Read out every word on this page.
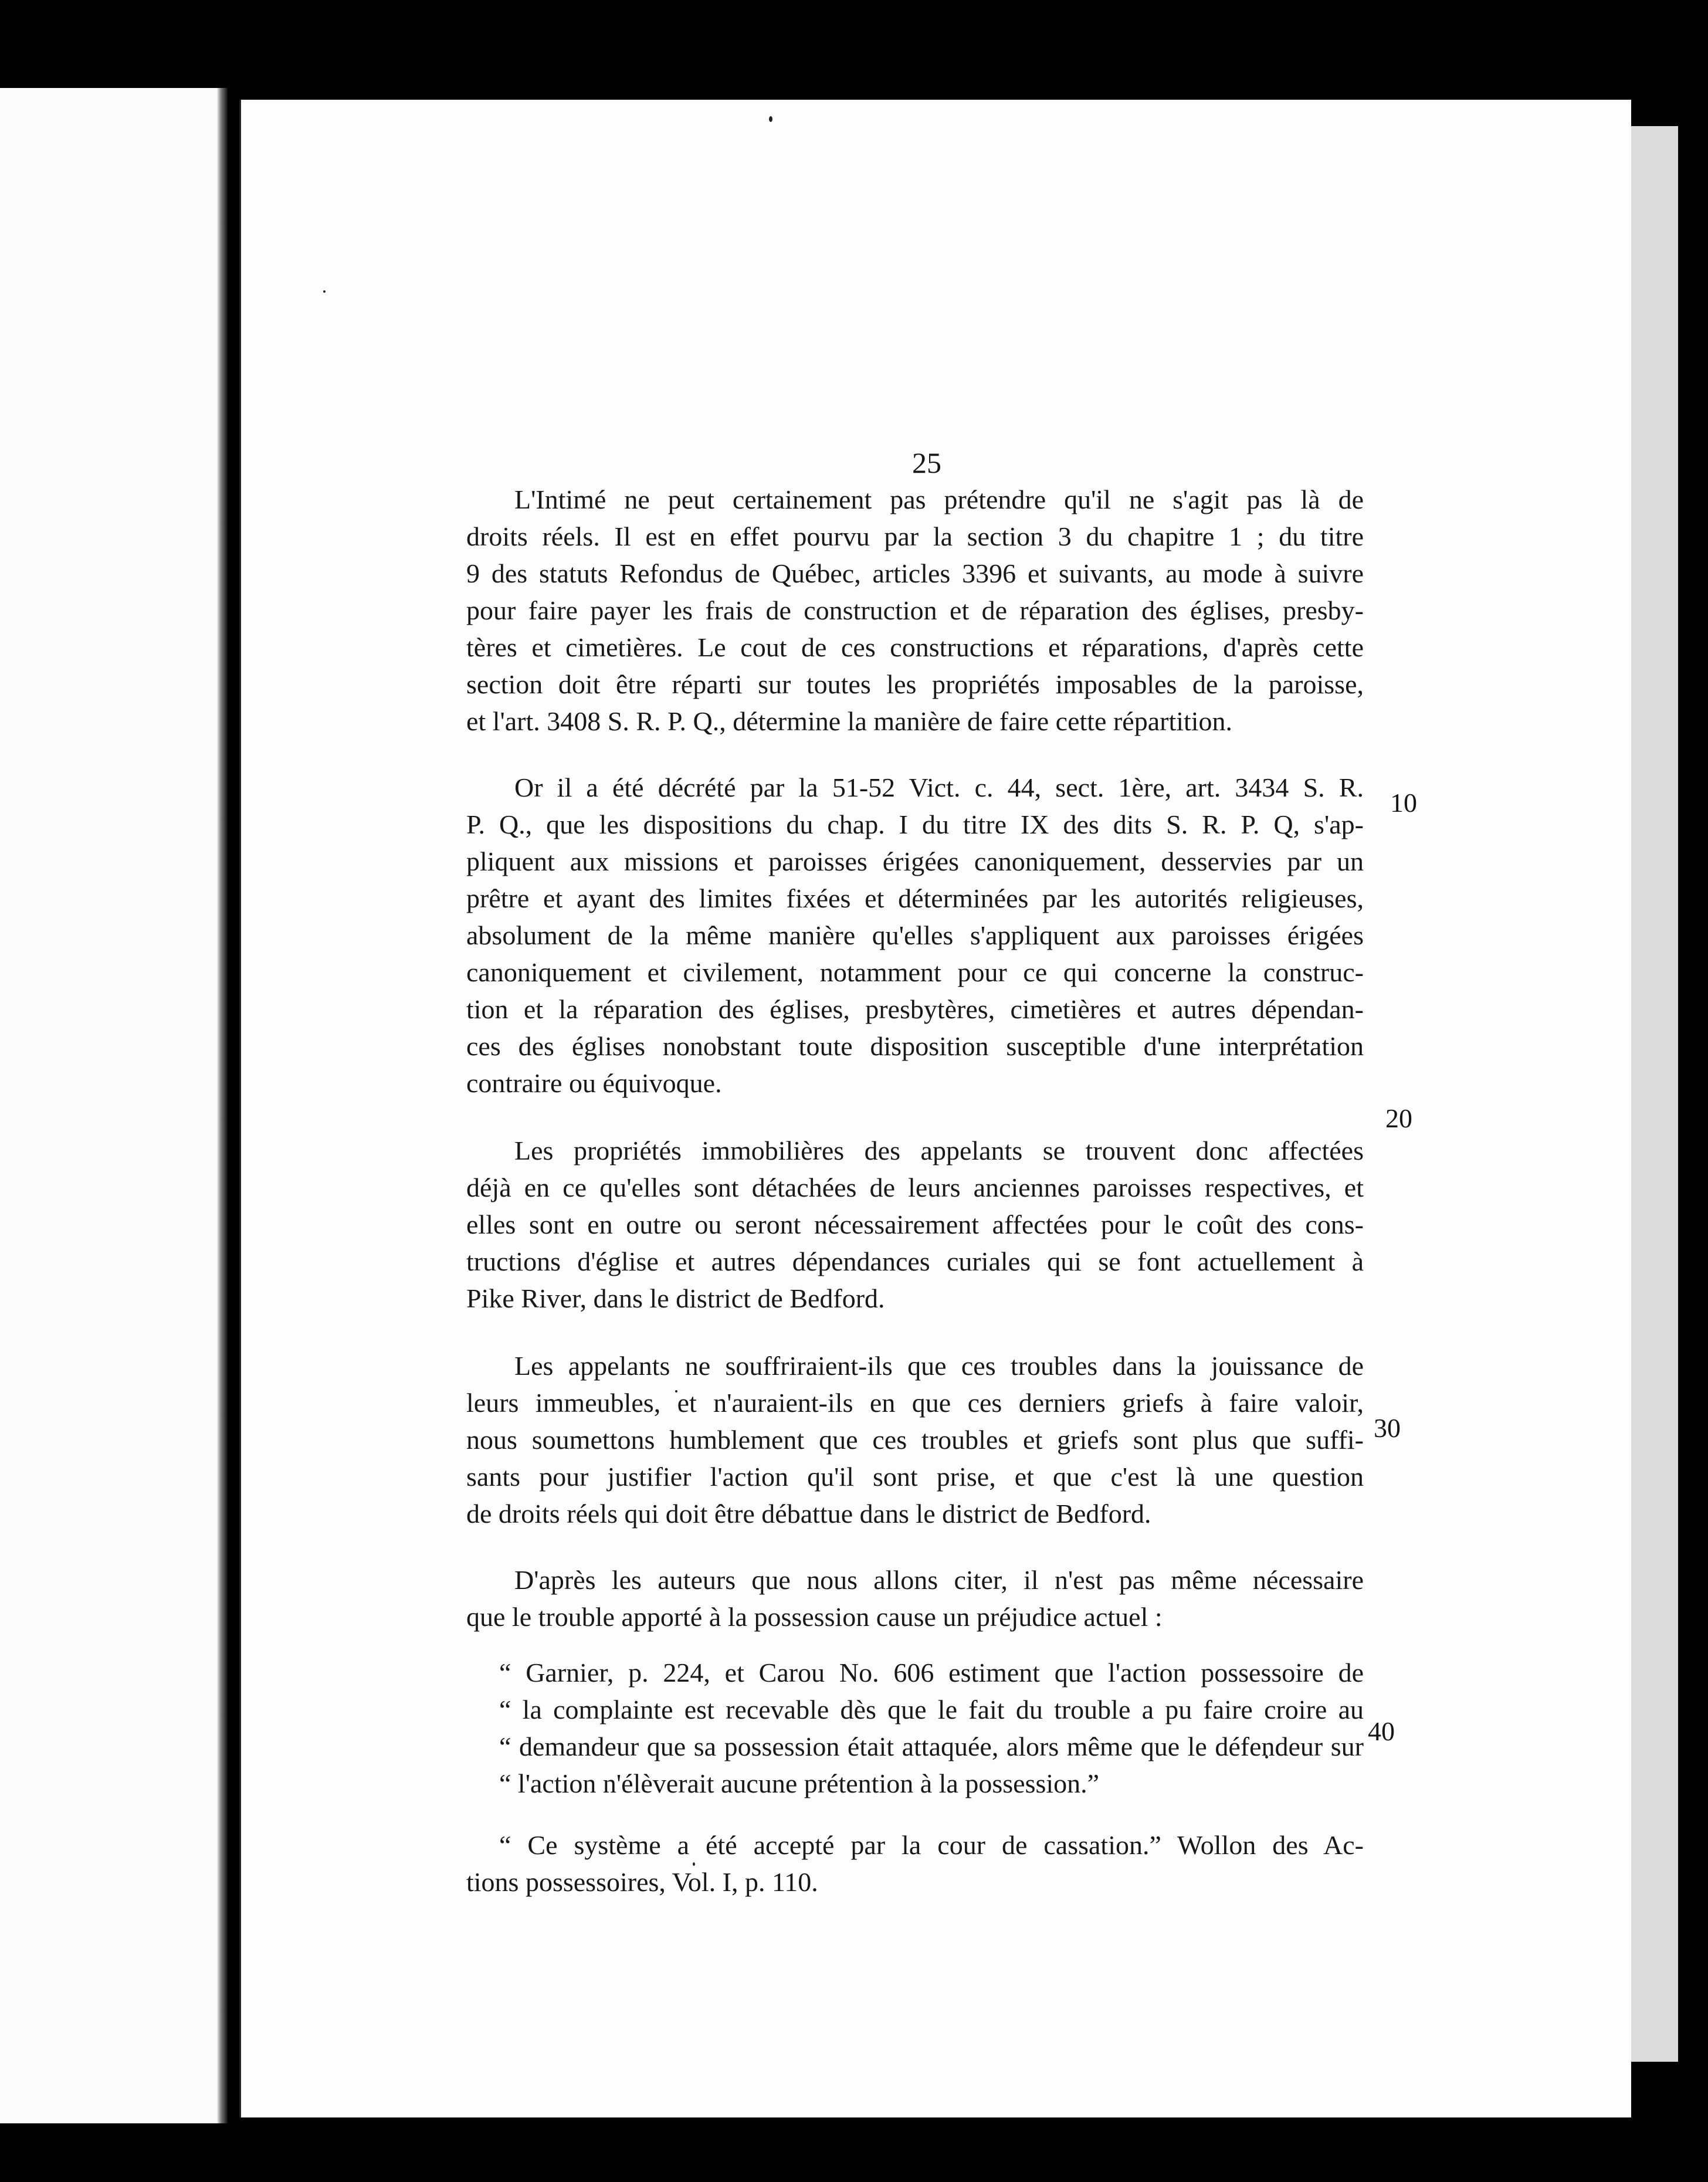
25
L'Intimé ne peut certainement pas prétendre qu'il ne s'agit pas là de
droits réels. Il est en effet pourvu par la section 3 du chapitre 1 ; du titre
9 des statuts Refondus de Québec, articles 3396 et suivants, au mode à suivre
pour faire payer les frais de construction et de réparation des églises, presby-
tères et cimetières. Le cout de ces constructions et réparations, d'après cette
section doit être réparti sur toutes les propriétés imposables de la paroisse,
et l'art. 3408 S. R. P. Q., détermine la manière de faire cette répartition.
Or il a été décrété par la 51-52 Vict. c. 44, sect. 1ère, art. 3434 S. R.
P. Q., que les dispositions du chap. I du titre IX des dits S. R. P. Q, s'ap-
pliquent aux missions et paroisses érigées canoniquement, desservies par un
prêtre et ayant des limites fixées et déterminées par les autorités religieuses,
absolument de la même manière qu'elles s'appliquent aux paroisses érigées
canoniquement et civilement, notamment pour ce qui concerne la construc-
tion et la réparation des églises, presbytères, cimetières et autres dépendan-
ces des églises nonobstant toute disposition susceptible d'une interprétation
contraire ou équivoque.
Les propriétés immobilières des appelants se trouvent donc affectées
déjà en ce qu'elles sont détachées de leurs anciennes paroisses respectives, et
elles sont en outre ou seront nécessairement affectées pour le coût des cons-
tructions d'église et autres dépendances curiales qui se font actuellement à
Pike River, dans le district de Bedford.
Les appelants ne souffriraient-ils que ces troubles dans la jouissance de
leurs immeubles, et n'auraient-ils en que ces derniers griefs à faire valoir,
nous soumettons humblement que ces troubles et griefs sont plus que suffi-
sants pour justifier l'action qu'il sont prise, et que c'est là une question
de droits réels qui doit être débattue dans le district de Bedford.
D'après les auteurs que nous allons citer, il n'est pas même nécessaire
que le trouble apporté à la possession cause un préjudice actuel :
“ Garnier, p. 224, et Carou No. 606 estiment que l'action possessoire de
“ la complainte est recevable dès que le fait du trouble a pu faire croire au
“ demandeur que sa possession était attaquée, alors même que le défendeur sur
“ l'action n'élèverait aucune prétention à la possession.”
“ Ce système a été accepté par la cour de cassation.” Wollon des Ac-
tions possessoires, Vol. I, p. 110.
10
20
30
40
